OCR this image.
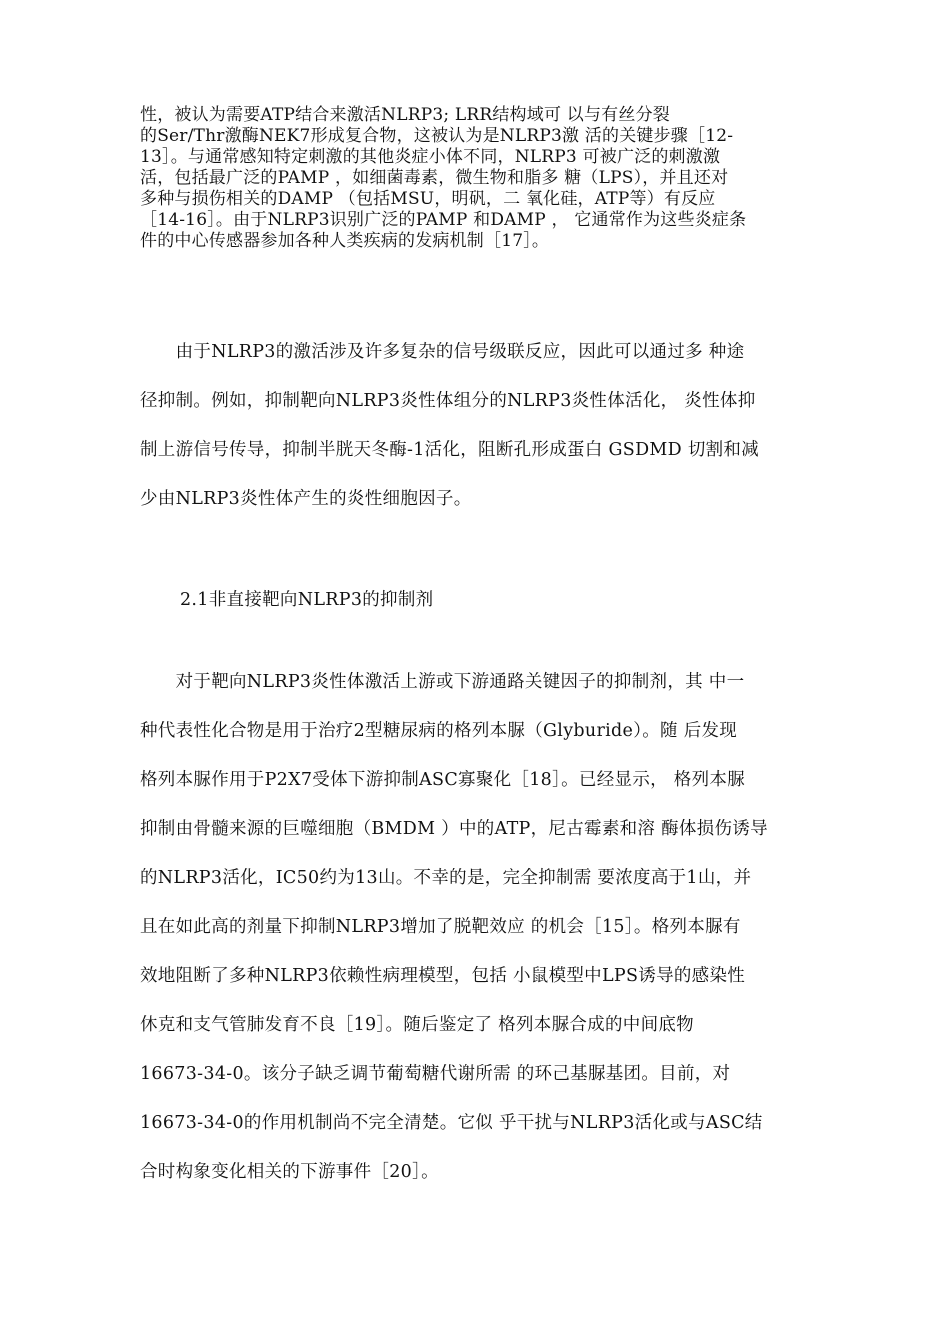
性，被认为需要ATP结合来激活NLRP3; LRR结构域可 以与有丝分裂
的Ser/Thr激酶NEK7形成复合物，这被认为是NLRP3激 活的关键步骤［12-
13］。与通常感知特定刺激的其他炎症小体不同，NLRP3 可被广泛的刺激激
活，包括最广泛的PAMP ，如细菌毒素，微生物和脂多 糖（LPS），并且还对
多种与损伤相关的DAMP （包括MSU，明矾，二 氧化硅，ATP等）有反应
［14-16］。由于NLRP3识别广泛的PAMP 和DAMP ， 它通常作为这些炎症条
件的中心传感器参加各种人类疾病的发病机制［17］。
　　由于NLRP3的激活涉及许多复杂的信号级联反应，因此可以通过多 种途
径抑制。例如，抑制靶向NLRP3炎性体组分的NLRP3炎性体活化， 炎性体抑
制上游信号传导，抑制半胱天冬酶-1活化，阻断孔形成蛋白 GSDMD 切割和减
少由NLRP3炎性体产生的炎性细胞因子。
2.1非直接靶向NLRP3的抑制剂
　　对于靶向NLRP3炎性体激活上游或下游通路关键因子的抑制剂，其 中一
种代表性化合物是用于治疗2型糖尿病的格列本脲（Glyburide）。随 后发现
格列本脲作用于P2X7受体下游抑制ASC寡聚化［18］。已经显示， 格列本脲
抑制由骨髓来源的巨噬细胞（BMDM ）中的ATP，尼古霉素和溶 酶体损伤诱导
的NLRP3活化，IC50约为13山。不幸的是，完全抑制需 要浓度高于1山，并
且在如此高的剂量下抑制NLRP3增加了脱靶效应 的机会［15］。格列本脲有
效地阻断了多种NLRP3依赖性病理模型，包括 小鼠模型中LPS诱导的感染性
休克和支气管肺发育不良［19］。随后鉴定了 格列本脲合成的中间底物
16673-34-0。该分子缺乏调节葡萄糖代谢所需 的环己基脲基团。目前，对
16673-34-0的作用机制尚不完全清楚。它似 乎干扰与NLRP3活化或与ASC结
合时构象变化相关的下游事件［20］。
